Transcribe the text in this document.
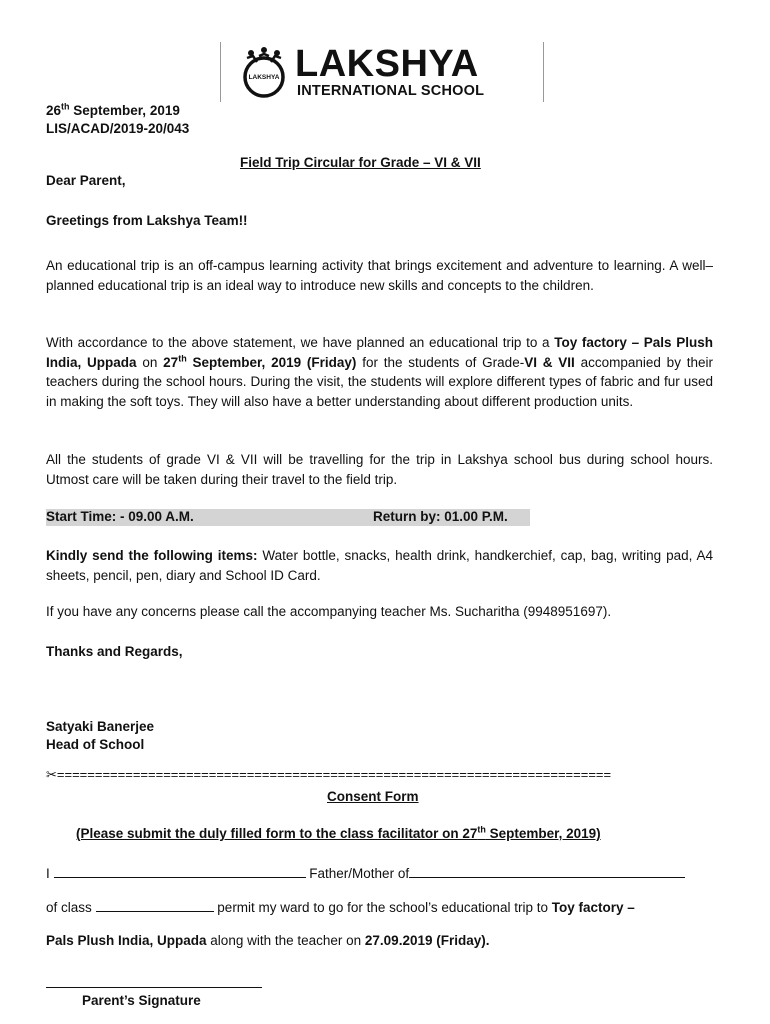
LAKSHYA LAKSHYA
INTERNATIONAL SCHOOL
26th September, 2019
LIS/ACAD/2019-20/043
Field Trip Circular for Grade – VI & VII
Dear Parent,
Greetings from Lakshya Team!!
An educational trip is an off-campus learning activity that brings excitement and adventure to learning. A well–planned educational trip is an ideal way to introduce new skills and concepts to the children.
With accordance to the above statement, we have planned an educational trip to a Toy factory – Pals Plush India, Uppada on 27th September, 2019 (Friday) for the students of Grade-VI & VII accompanied by their teachers during the school hours. During the visit, the students will explore different types of fabric and fur used in making the soft toys. They will also have a better understanding about different production units.
All the students of grade VI & VII will be travelling for the trip in Lakshya school bus during school hours. Utmost care will be taken during their travel to the field trip.
Start Time: - 09.00 A.M.	Return by: 01.00 P.M.
Kindly send the following items: Water bottle, snacks, health drink, handkerchief, cap, bag, writing pad, A4 sheets, pencil, pen, diary and School ID Card.
If you have any concerns please call the accompanying teacher Ms. Sucharitha (9948951697).
Thanks and Regards,
Satyaki Banerjee
Head of School
✂=========================================================================
Consent Form
(Please submit the duly filled form to the class facilitator on 27th September, 2019)
I	Father/Mother of
of class	permit my ward to go for the school’s educational trip to Toy factory –
Pals Plush India, Uppada along with the teacher on 27.09.2019 (Friday).
Parent’s Signature
